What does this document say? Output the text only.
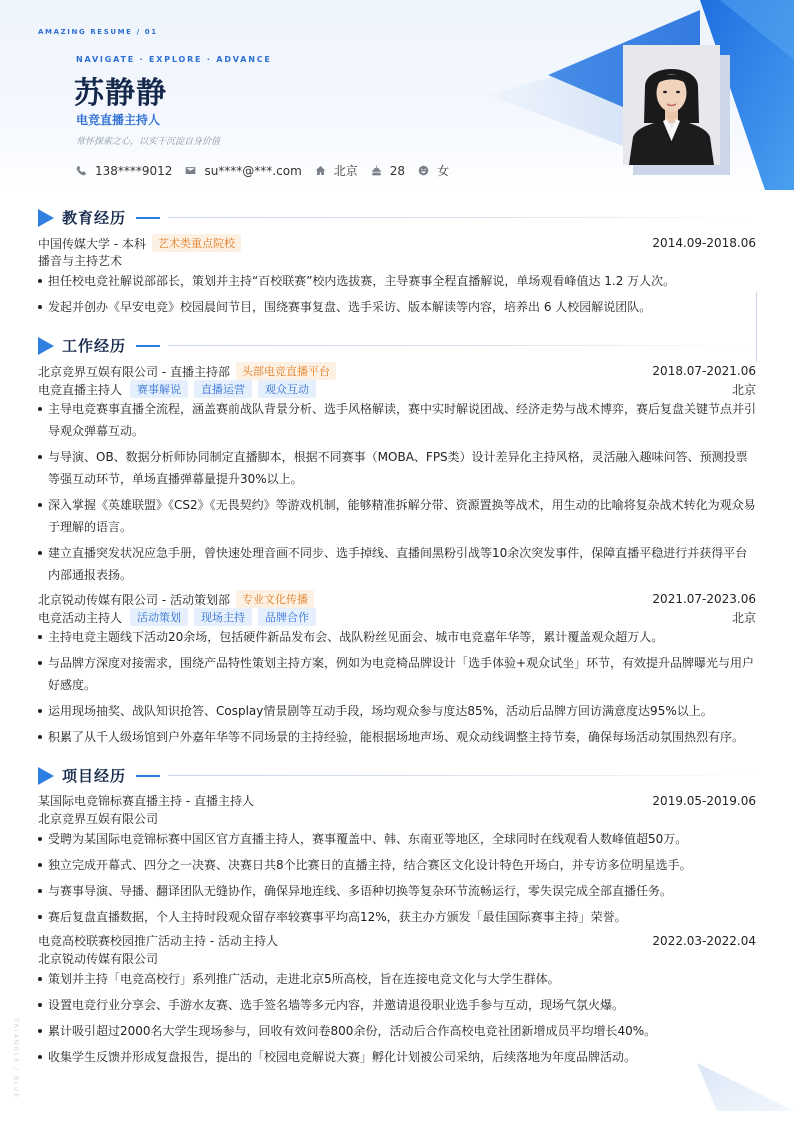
AMAZING RESUME / 01
NAVIGATE · EXPLORE · ADVANCE
苏静静
电竞直播主持人
常怀探索之心，以实干沉淀自身价值
138****9012	su****@***.com	北京	28	女
教育经历
中国传媒大学 - 本科	艺术类重点院校	2014.09-2018.06
播音与主持艺术
担任校电竞社解说部部长，策划并主持“百校联赛”校内选拔赛，主导赛事全程直播解说，单场观看峰值达 1.2 万人次。
发起并创办《早安电竞》校园晨间节目，围绕赛事复盘、选手采访、版本解读等内容，培养出 6 人校园解说团队。
工作经历
北京竞界互娱有限公司 - 直播主持部	头部电竞直播平台	2018.07-2021.06
电竞直播主持人	赛事解说	直播运营	观众互动	北京
主导电竞赛事直播全流程，涵盖赛前战队背景分析、选手风格解读，赛中实时解说团战、经济走势与战术博弈，赛后复盘关键节点并引导观众弹幕互动。
与导演、OB、数据分析师协同制定直播脚本，根据不同赛事（MOBA、FPS类）设计差异化主持风格，灵活融入趣味问答、预测投票等强互动环节，单场直播弹幕量提升30%以上。
深入掌握《英雄联盟》《CS2》《无畏契约》等游戏机制，能够精准拆解分带、资源置换等战术，用生动的比喻将复杂战术转化为观众易于理解的语言。
建立直播突发状况应急手册，曾快速处理音画不同步、选手掉线、直播间黑粉引战等10余次突发事件，保障直播平稳进行并获得平台内部通报表扬。
北京锐动传媒有限公司 - 活动策划部	专业文化传播	2021.07-2023.06
电竞活动主持人	活动策划	现场主持	品牌合作	北京
主持电竞主题线下活动20余场，包括硬件新品发布会、战队粉丝见面会、城市电竞嘉年华等，累计覆盖观众超万人。
与品牌方深度对接需求，围绕产品特性策划主持方案，例如为电竞椅品牌设计「选手体验+观众试坐」环节，有效提升品牌曝光与用户好感度。
运用现场抽奖、战队知识抢答、Cosplay情景剧等互动手段，场均观众参与度达85%，活动后品牌方回访满意度达95%以上。
积累了从千人级场馆到户外嘉年华等不同场景的主持经验，能根据场地声场、观众动线调整主持节奏，确保每场活动氛围热烈有序。
项目经历
某国际电竞锦标赛直播主持 - 直播主持人	2019.05-2019.06
北京竞界互娱有限公司
受聘为某国际电竞锦标赛中国区官方直播主持人，赛事覆盖中、韩、东南亚等地区，全球同时在线观看人数峰值超50万。
独立完成开幕式、四分之一决赛、决赛日共8个比赛日的直播主持，结合赛区文化设计特色开场白，并专访多位明星选手。
与赛事导演、导播、翻译团队无缝协作，确保异地连线、多语种切换等复杂环节流畅运行，零失误完成全部直播任务。
赛后复盘直播数据，个人主持时段观众留存率较赛事平均高12%，获主办方颁发「最佳国际赛事主持」荣誉。
电竞高校联赛校园推广活动主持 - 活动主持人	2022.03-2022.04
北京锐动传媒有限公司
策划并主持「电竞高校行」系列推广活动，走进北京5所高校，旨在连接电竞文化与大学生群体。
设置电竞行业分享会、手游水友赛、选手签名墙等多元内容，并邀请退役职业选手参与互动，现场气氛火爆。
累计吸引超过2000名大学生现场参与，回收有效问卷800余份，活动后合作高校电竞社团新增成员平均增长40%。
收集学生反馈并形成复盘报告，提出的「校园电竞解说大赛」孵化计划被公司采纳，后续落地为年度品牌活动。
TRIANGLE / BLUE
